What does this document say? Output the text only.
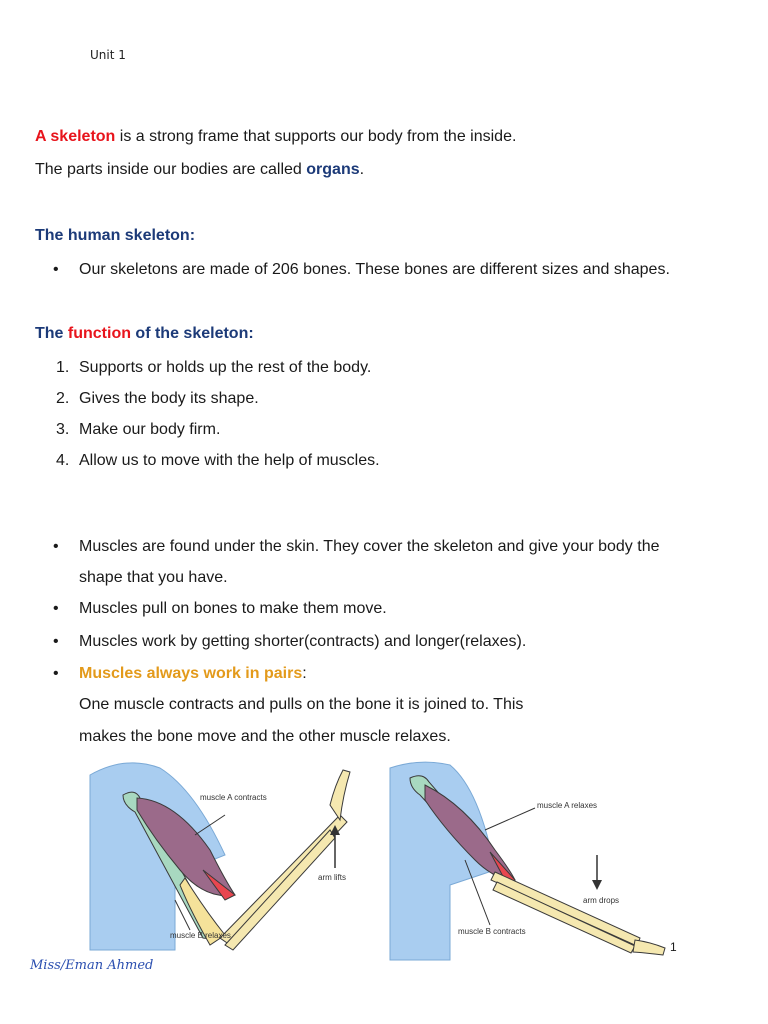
Unit 1
A skeleton is a strong frame that supports our body from the inside.
The parts inside our bodies are called organs.
The human skeleton:
•
Our skeletons are made of 206 bones. These bones are different sizes and shapes.
The function of the skeleton:
1. Supports or holds up the rest of the body.
2. Gives the body its shape.
3. Make our body firm.
4. Allow us to move with the help of muscles.
•
Muscles are found under the skin. They cover the skeleton and give your body the
shape that you have.
•
Muscles pull on bones to make them move.
•
Muscles work by getting shorter(contracts) and longer(relaxes).
•
Muscles always work in pairs:
One muscle contracts and pulls on the bone it is joined to. This
makes the bone move and the other muscle relaxes.
muscle A contracts
muscle B relaxes
arm lifts
muscle A relaxes
muscle B contracts
arm drops
1
Miss/Eman Ahmed
